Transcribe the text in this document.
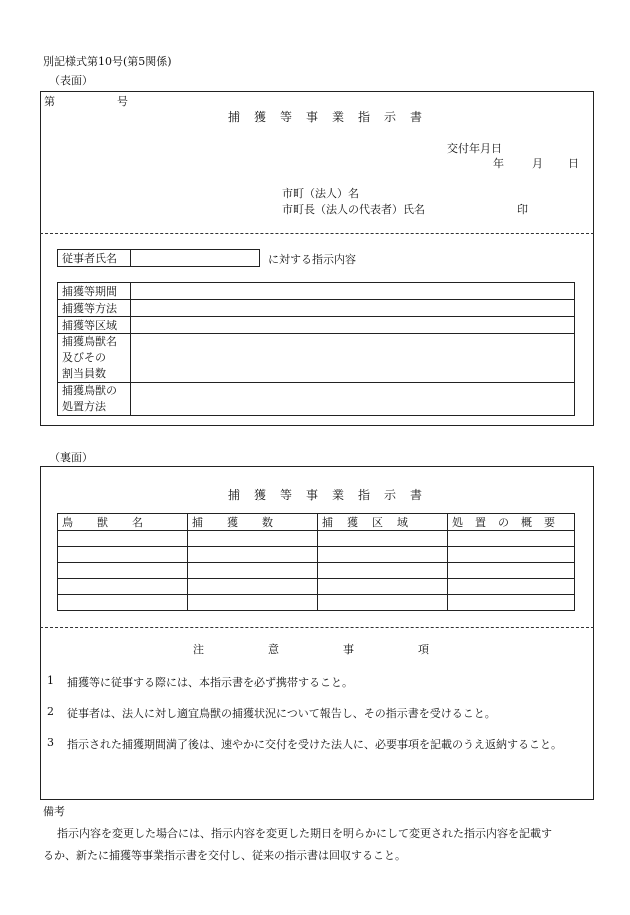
別記様式第10号(第5関係)
（表面）
第	号
捕獲等事業指示書
交付年月日
年	月 日
市町（法人）名
市町長（法人の代表者）氏名	印
従事者氏名		に対する指示内容
捕獲等期間	
捕獲等方法	
捕獲等区域	

捕獲鳥獣名
及びその
割当員数	

捕獲鳥獣の
処置方法	

（裏面）
捕獲等事業指示書
鳥獣名	捕獲数	捕獲区域	処置の概要

注意事項
1 捕獲等に従事する際には、本指示書を必ず携帯すること。
2 従事者は、法人に対し適宜鳥獣の捕獲状況について報告し、その指示書を受けること。
3 指示された捕獲期間満了後は、速やかに交付を受けた法人に、必要事項を記載のうえ返納すること。
備考
指示内容を変更した場合には、指示内容を変更した期日を明らかにして変更された指示内容を記載す
るか、新たに捕獲等事業指示書を交付し、従来の指示書は回収すること。
